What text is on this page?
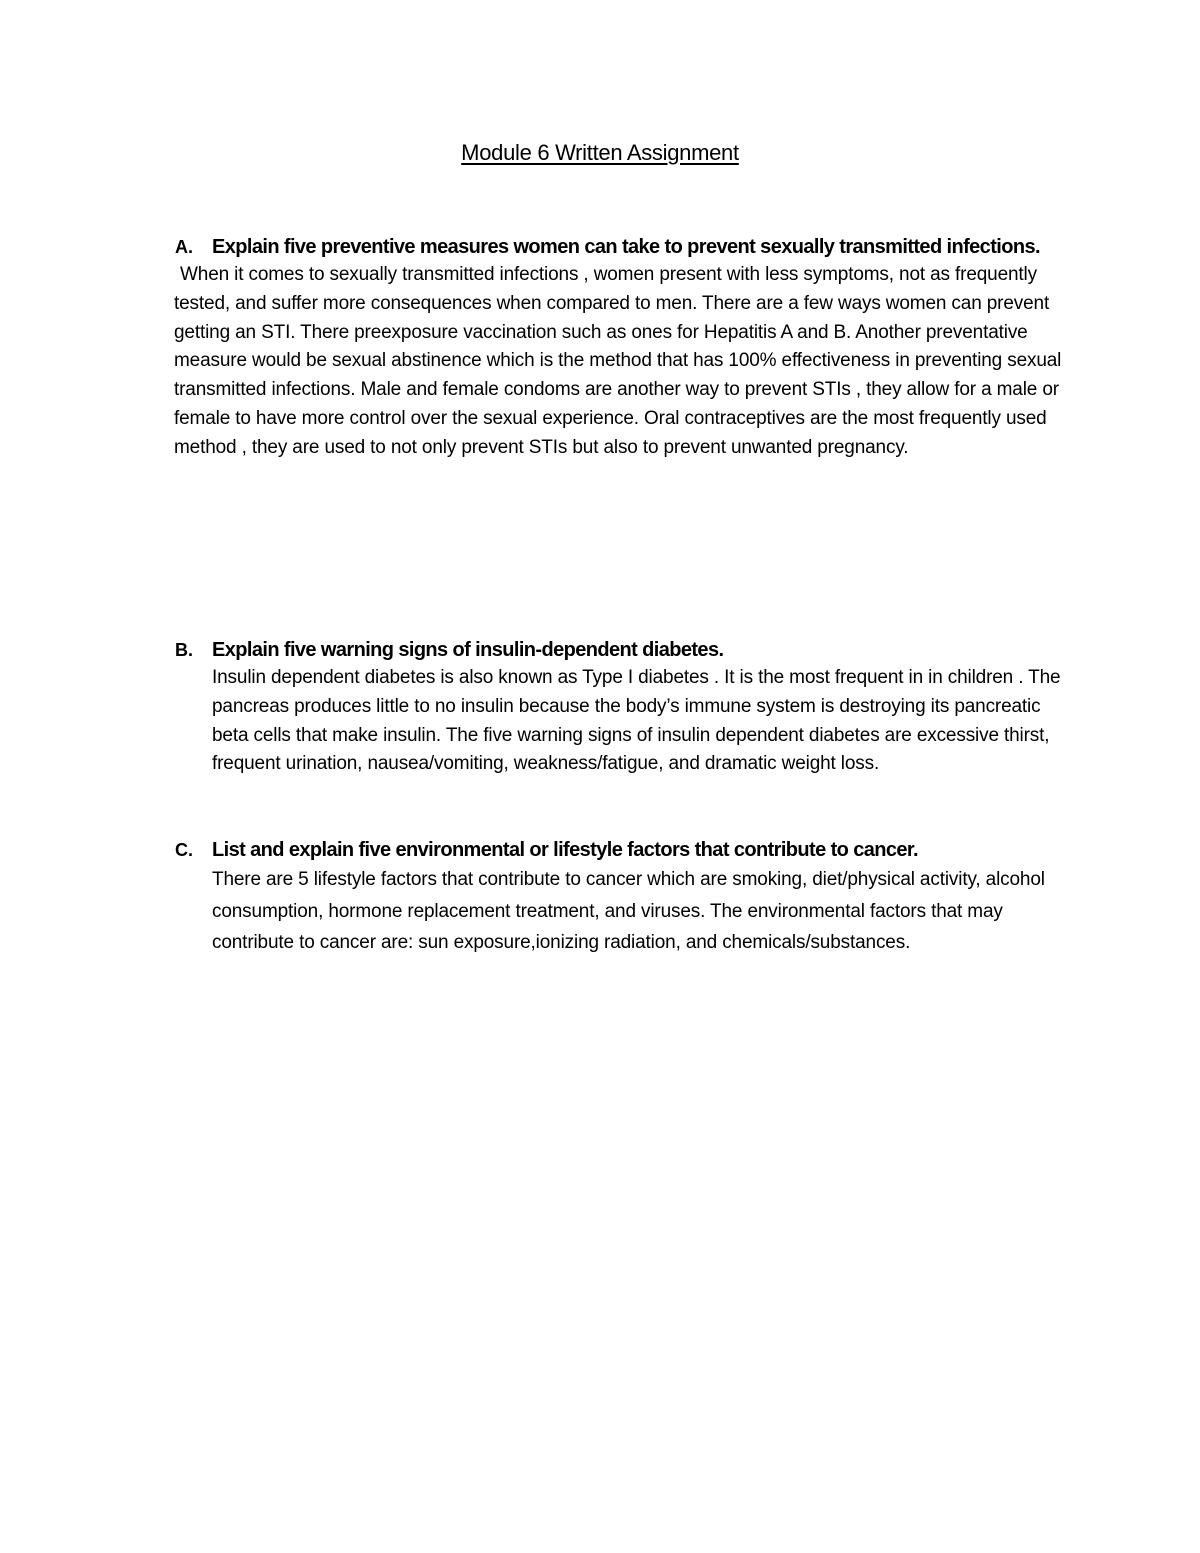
Module 6 Written Assignment
A. Explain five preventive measures women can take to prevent sexually transmitted infections.
When it comes to sexually transmitted infections , women present with less symptoms, not as frequently tested, and suffer more consequences when compared to men. There are a few ways women can prevent getting an STI. There preexposure vaccination such as ones for Hepatitis A and B. Another preventative measure would be sexual abstinence which is the method that has 100% effectiveness in preventing sexual transmitted infections. Male and female condoms are another way to prevent STIs , they allow for a male or female to have more control over the sexual experience. Oral contraceptives are the most frequently used method , they are used to not only prevent STIs but also to prevent unwanted pregnancy.
B. Explain five warning signs of insulin-dependent diabetes.
Insulin dependent diabetes is also known as Type I diabetes . It is the most frequent in in children . The pancreas produces little to no insulin because the body’s immune system is destroying its pancreatic beta cells that make insulin. The five warning signs of insulin dependent diabetes are excessive thirst, frequent urination, nausea/vomiting, weakness/fatigue, and dramatic weight loss.
C. List and explain five environmental or lifestyle factors that contribute to cancer.
There are 5 lifestyle factors that contribute to cancer which are smoking, diet/physical activity, alcohol consumption, hormone replacement treatment, and viruses. The environmental factors that may contribute to cancer are: sun exposure,ionizing radiation, and chemicals/substances.
